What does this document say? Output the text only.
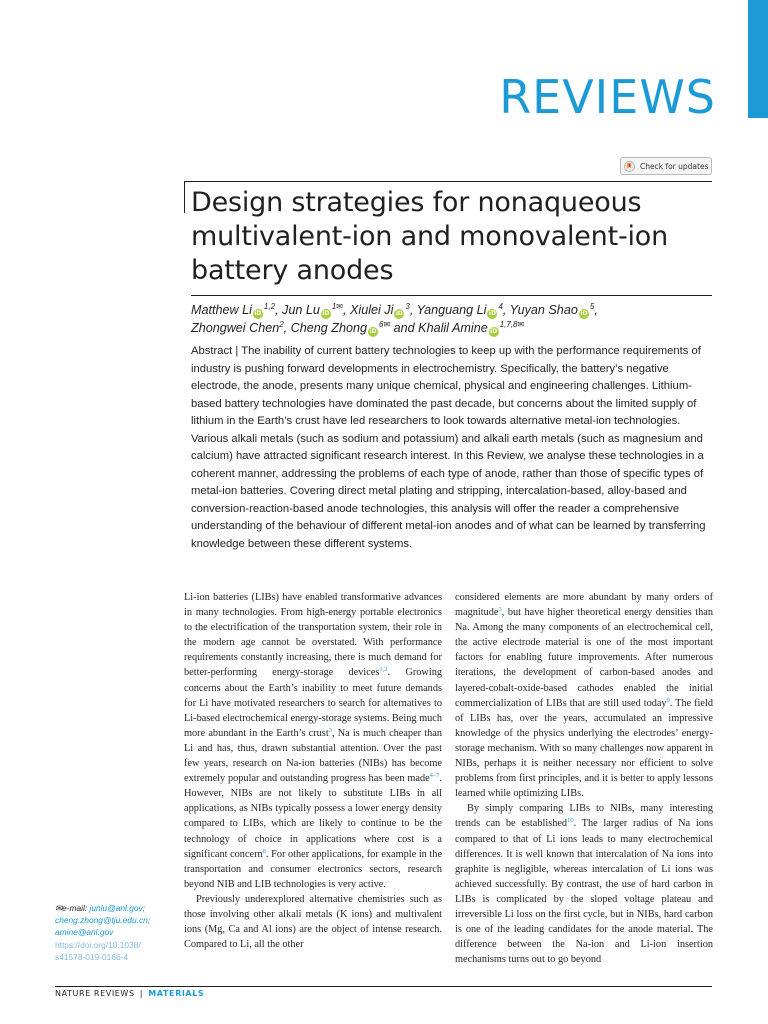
REVIEWS
Check for updates
Design strategies for nonaqueous
multivalent-ion and monovalent-ion
battery anodes
Matthew Li iD$^{1,2}$, Jun Lu $iD^1✉$, Xiulei Ji $iD^3$, Yanguang Li $iD^4$, Yuyan Shao $iD^5$,
Zhongwei Chen$^2$, Cheng Zhong $iD^6✉$ and Khalil Amine iD$^{1,7,8}$✉
Abstract | The inability of current battery technologies to keep up with the performance requirements of industry is pushing forward developments in electrochemistry. Specifically, the battery’s negative electrode, the anode, presents many unique chemical, physical and engineering challenges. Lithium-based battery technologies have dominated the past decade, but concerns about the limited supply of lithium in the Earth’s crust have led researchers to look towards alternative metal-ion technologies. Various alkali metals (such as sodium and potassium) and alkali earth metals (such as magnesium and calcium) have attracted significant research interest. In this Review, we analyse these technologies in a coherent manner, addressing the problems of each type of anode, rather than those of specific types of metal-ion batteries. Covering direct metal plating and stripping, intercalation-based, alloy-based and conversion-reaction-based anode technologies, this analysis will offer the reader a comprehensive understanding of the behaviour of different metal-ion anodes and of what can be learned by transferring knowledge between these different systems.

Li-ion batteries (LIBs) have enabled transformative advances in many technologies. From high-energy portable electronics to the electrification of the transportation system, their role in the modern age cannot be overstated. With performance requirements constantly increasing, there is much demand for better-performing energy-storage devices$^{1,2}$. Growing concerns about the Earth’s inability to meet future demands for Li have motivated researchers to search for alternatives to Li-based electrochemical energy-storage systems. Being much more abundant in the Earth’s crust$^3$, Na is much cheaper than Li and has, thus, drawn substantial attention. Over the past few years, research on Na-ion batteries (NIBs) has become extremely popular and outstanding progress has been made$^{4-7}$. However, NIBs are not likely to substitute LIBs in all applications, as NIBs typically possess a lower energy density compared to LIBs, which are likely to continue to be the technology of choice in applications where cost is a significant concern$^8$. For other applications, for example in the transportation and consumer electronics sectors, research beyond NIB and LIB technologies is very active.

Previously underexplored alternative chemistries such as those involving other alkali metals (K ions) and multivalent ions (Mg, Ca and Al ions) are the object of intense research. Compared to Li, all the other

considered elements are more abundant by many orders of magnitude$^3$, but have higher theoretical energy densities than Na. Among the many components of an electrochemical cell, the active electrode material is one of the most important factors for enabling future improvements. After numerous iterations, the development of carbon-based anodes and layered-cobalt-oxide-based cathodes enabled the initial commercialization of LIBs that are still used today$^9$. The field of LIBs has, over the years, accumulated an impressive knowledge of the physics underlying the electrodes’ energy-storage mechanism. With so many challenges now apparent in NIBs, perhaps it is neither necessary nor efficient to solve problems from first principles, and it is better to apply lessons learned while optimizing LIBs.

By simply comparing LIBs to NIBs, many interesting trends can be established$^{10}$. The larger radius of Na ions compared to that of Li ions leads to many electrochemical differences. It is well known that intercalation of Na ions into graphite is negligible, whereas intercalation of Li ions was achieved successfully. By contrast, the use of hard carbon in LIBs is complicated by the sloped voltage plateau and irreversible Li loss on the first cycle, but in NIBs, hard carbon is one of the leading candidates for the anode material. The difference between the Na-ion and Li-ion insertion mechanisms turns out to go beyond

✉e-mail: junlu@anl.gov;
cheng.zhong@tju.edu.cn;
amine@anl.gov
https://doi.org/10.1038/
s41578-019-0166-4
NATURE REVIEWS | MATERIALS
